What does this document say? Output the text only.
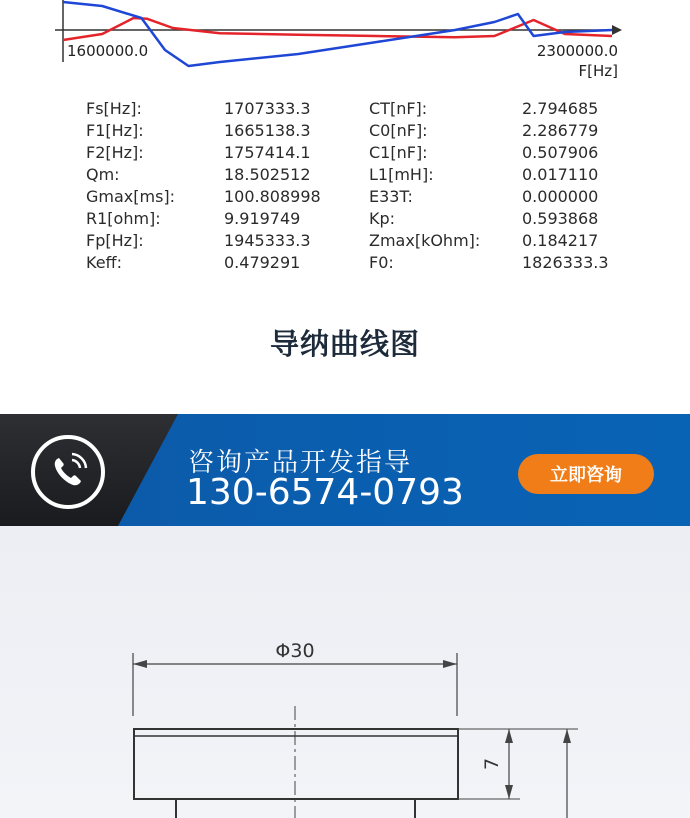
1600000.0	2300000.0
F[Hz]
Fs[Hz]:	1707333.3	CT[nF]:	2.794685
F1[Hz]:	1665138.3	C0[nF]:	2.286779
F2[Hz]:	1757414.1	C1[nF]:	0.507906
Qm:	18.502512	L1[mH]:	0.017110
Gmax[ms]:	100.808998	E33T:	0.000000
R1[ohm]:	9.919749	Kp:	0.593868
Fp[Hz]:	1945333.3	Zmax[kOhm]:	0.184217
Keff:	0.479291	F0:	1826333.3
导纳曲线图
咨询产品开发指导
130-6574-0793	立即咨询
Φ30
7
